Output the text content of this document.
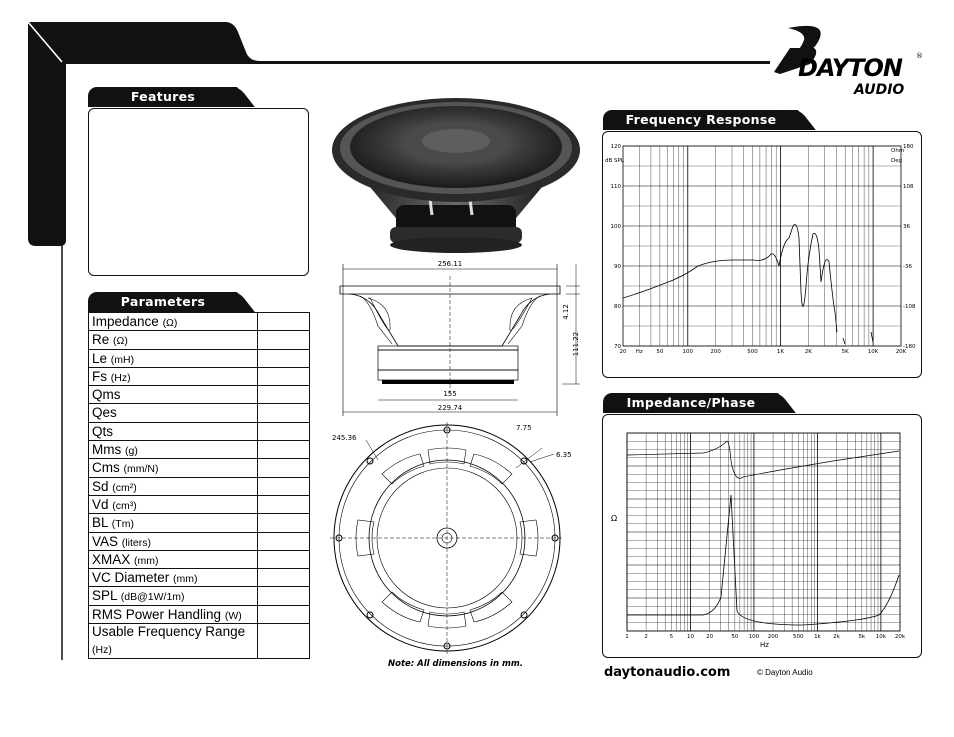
DAYTON ®
AUDIO
Features
Parameters
Impedance (Ω)
Re (Ω)
Le (mH)
Fs (Hz)
Qms
Qes
Qts
Mms (g)
Cms (mm/N)
Sd (cm²)
Vd (cm³)
BL (Tm)
VAS (liters)
XMAX (mm)
VC Diameter (mm)
SPL (dB@1W/1m)
RMS Power Handling (W)
Usable Frequency Range (Hz)
256.11
4.12
111.22
155
229.74
245.36
7.75
6.35
Note: All dimensions in mm.
Frequency Response
dB SPL	Deg
Ohm
120
110
100
90
80
70
180
108
36
-36
-108
-180
20 Hz 50	100	200	500	1K	2K	5K	10K	20K
Impedance/Phase
Ω
Hz
1	2	5	10 20	50 100 200	500 1k 2k	5k 10k 20k
daytonaudio.com	© Dayton Audio
